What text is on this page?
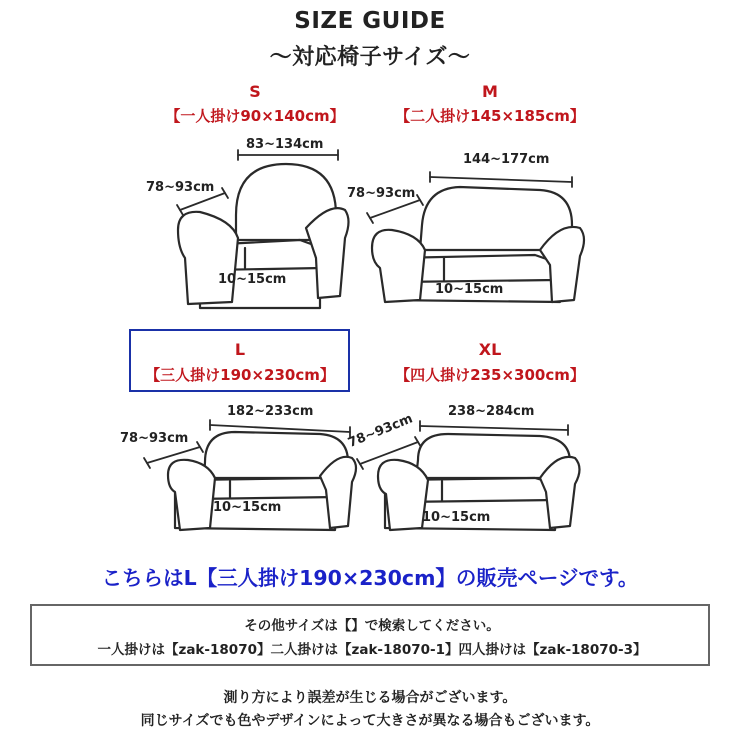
SIZE GUIDE
～対応椅子サイズ～
S
【一人掛け90×140cm】
M
【二人掛け145×185cm】
83~134cm
78~93cm
10~15cm
144~177cm
78~93cm
10~15cm
L
【三人掛け190×230cm】
XL
【四人掛け235×300cm】
182~233cm
78~93cm
10~15cm
238~284cm
78~93cm
10~15cm
こちらはL【三人掛け190×230cm】の販売ページです。
その他サイズは【】で検索してください。
一人掛けは【zak-18070】二人掛けは【zak-18070-1】四人掛けは【zak-18070-3】
測り方により誤差が生じる場合がございます。
同じサイズでも色やデザインによって大きさが異なる場合もございます。
